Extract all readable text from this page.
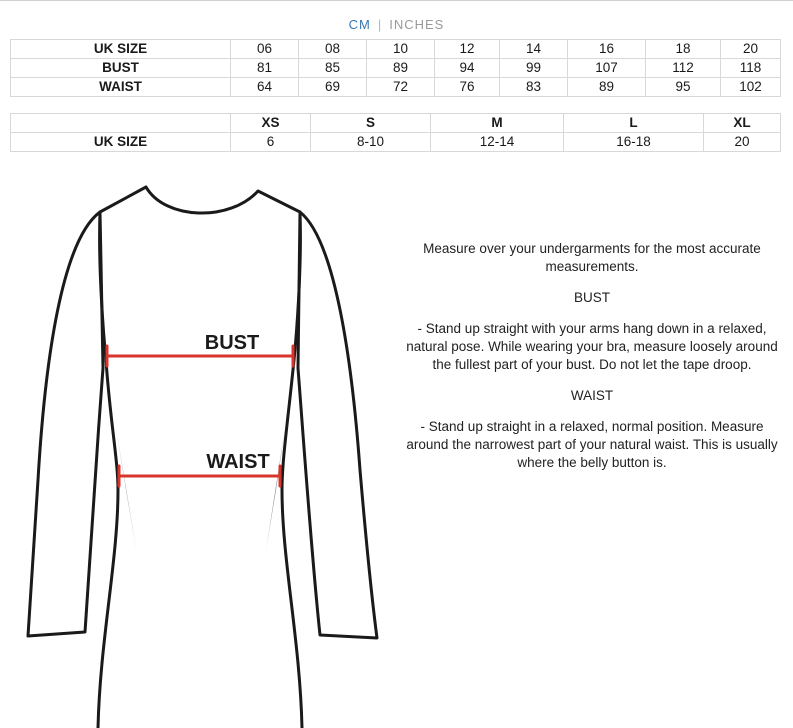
CM | INCHES
UK SIZE	06	08	10	12	14	16	18	20
BUST	81	85	89	94	99	107	112	118
WAIST	64	69	72	76	83	89	95	102
	XS	S	M	L	XL
UK SIZE	6	8-10	12-14	16-18	20
BUST
WAIST

Measure over your undergarments for the most accurate measurements.

BUST

- Stand up straight with your arms hang down in a relaxed, natural pose. While wearing your bra, measure loosely around the fullest part of your bust. Do not let the tape droop.

WAIST

- Stand up straight in a relaxed, normal position. Measure around the narrowest part of your natural waist. This is usually where the belly button is.
